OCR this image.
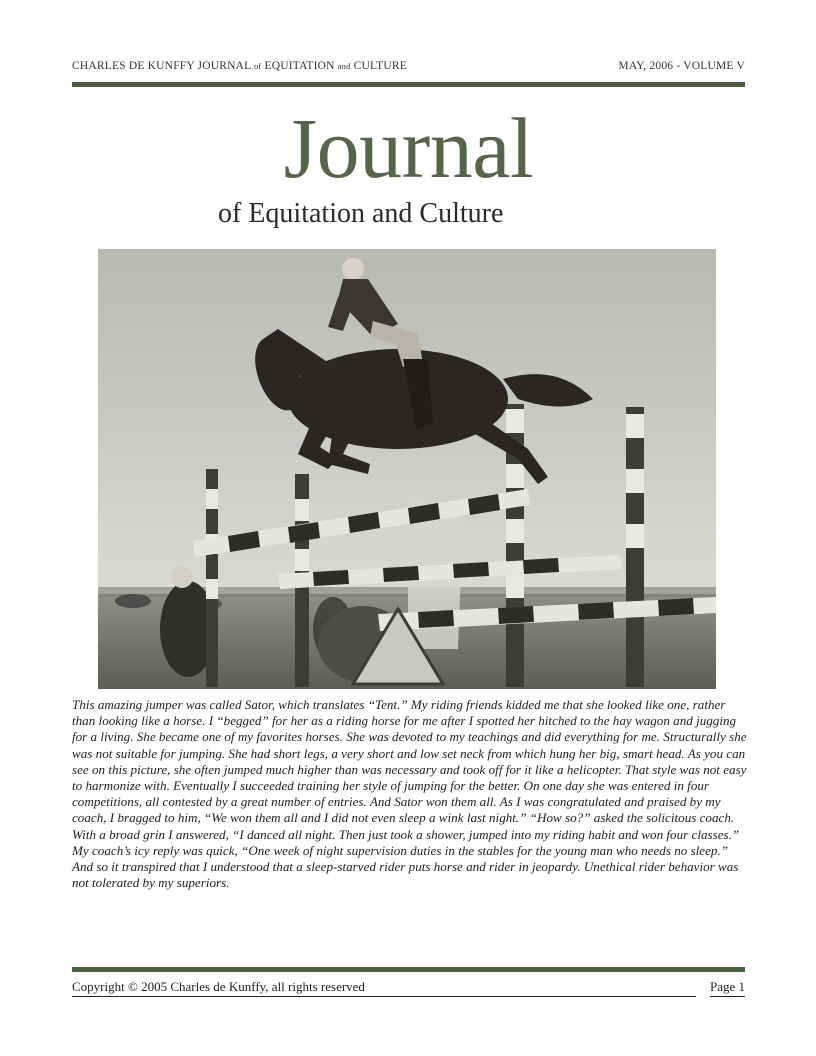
CHARLES DE KUNFFY JOURNAL of EQUITATION and CULTURE	MAY, 2006 - VOLUME V
Journal
of Equitation and Culture

This amazing jumper was called Sator, which translates “Tent.” My riding friends kidded me that she looked like one, rather than looking like a horse. I “begged” for her as a riding horse for me after I spotted her hitched to the hay wagon and jugging for a living. She became one of my favorites horses. She was devoted to my teachings and did everything for me. Structurally she was not suitable for jumping. She had short legs, a very short and low set neck from which hung her big, smart head. As you can see on this picture, she often jumped much higher than was necessary and took off for it like a helicopter. That style was not easy to harmonize with. Eventually I succeeded training her style of jumping for the better. On one day she was entered in four competitions, all contested by a great number of entries. And Sator won them all. As I was congratulated and praised by my coach, I bragged to him, “We won them all and I did not even sleep a wink last night.” “How so?” asked the solicitous coach. With a broad grin I answered, “I danced all night. Then just took a shower, jumped into my riding habit and won four classes.” My coach’s icy reply was quick, “One week of night supervision duties in the stables for the young man who needs no sleep.” And so it transpired that I understood that a sleep-starved rider puts horse and rider in jeopardy. Unethical rider behavior was not tolerated by my superiors.

Copyright © 2005 Charles de Kunffy, all rights reserved	Page 1
